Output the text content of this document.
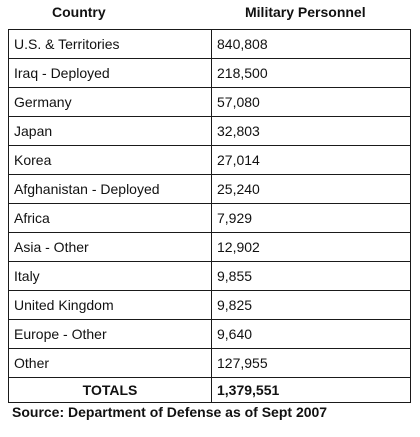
Country	Military Personnel
U.S. & Territories	840,808
Iraq - Deployed	218,500
Germany	57,080
Japan	32,803
Korea	27,014
Afghanistan - Deployed	25,240
Africa	7,929
Asia - Other	12,902
Italy	9,855
United Kingdom	9,825
Europe - Other	9,640
Other	127,955
TOTALS	1,379,551
Source: Department of Defense as of Sept 2007
